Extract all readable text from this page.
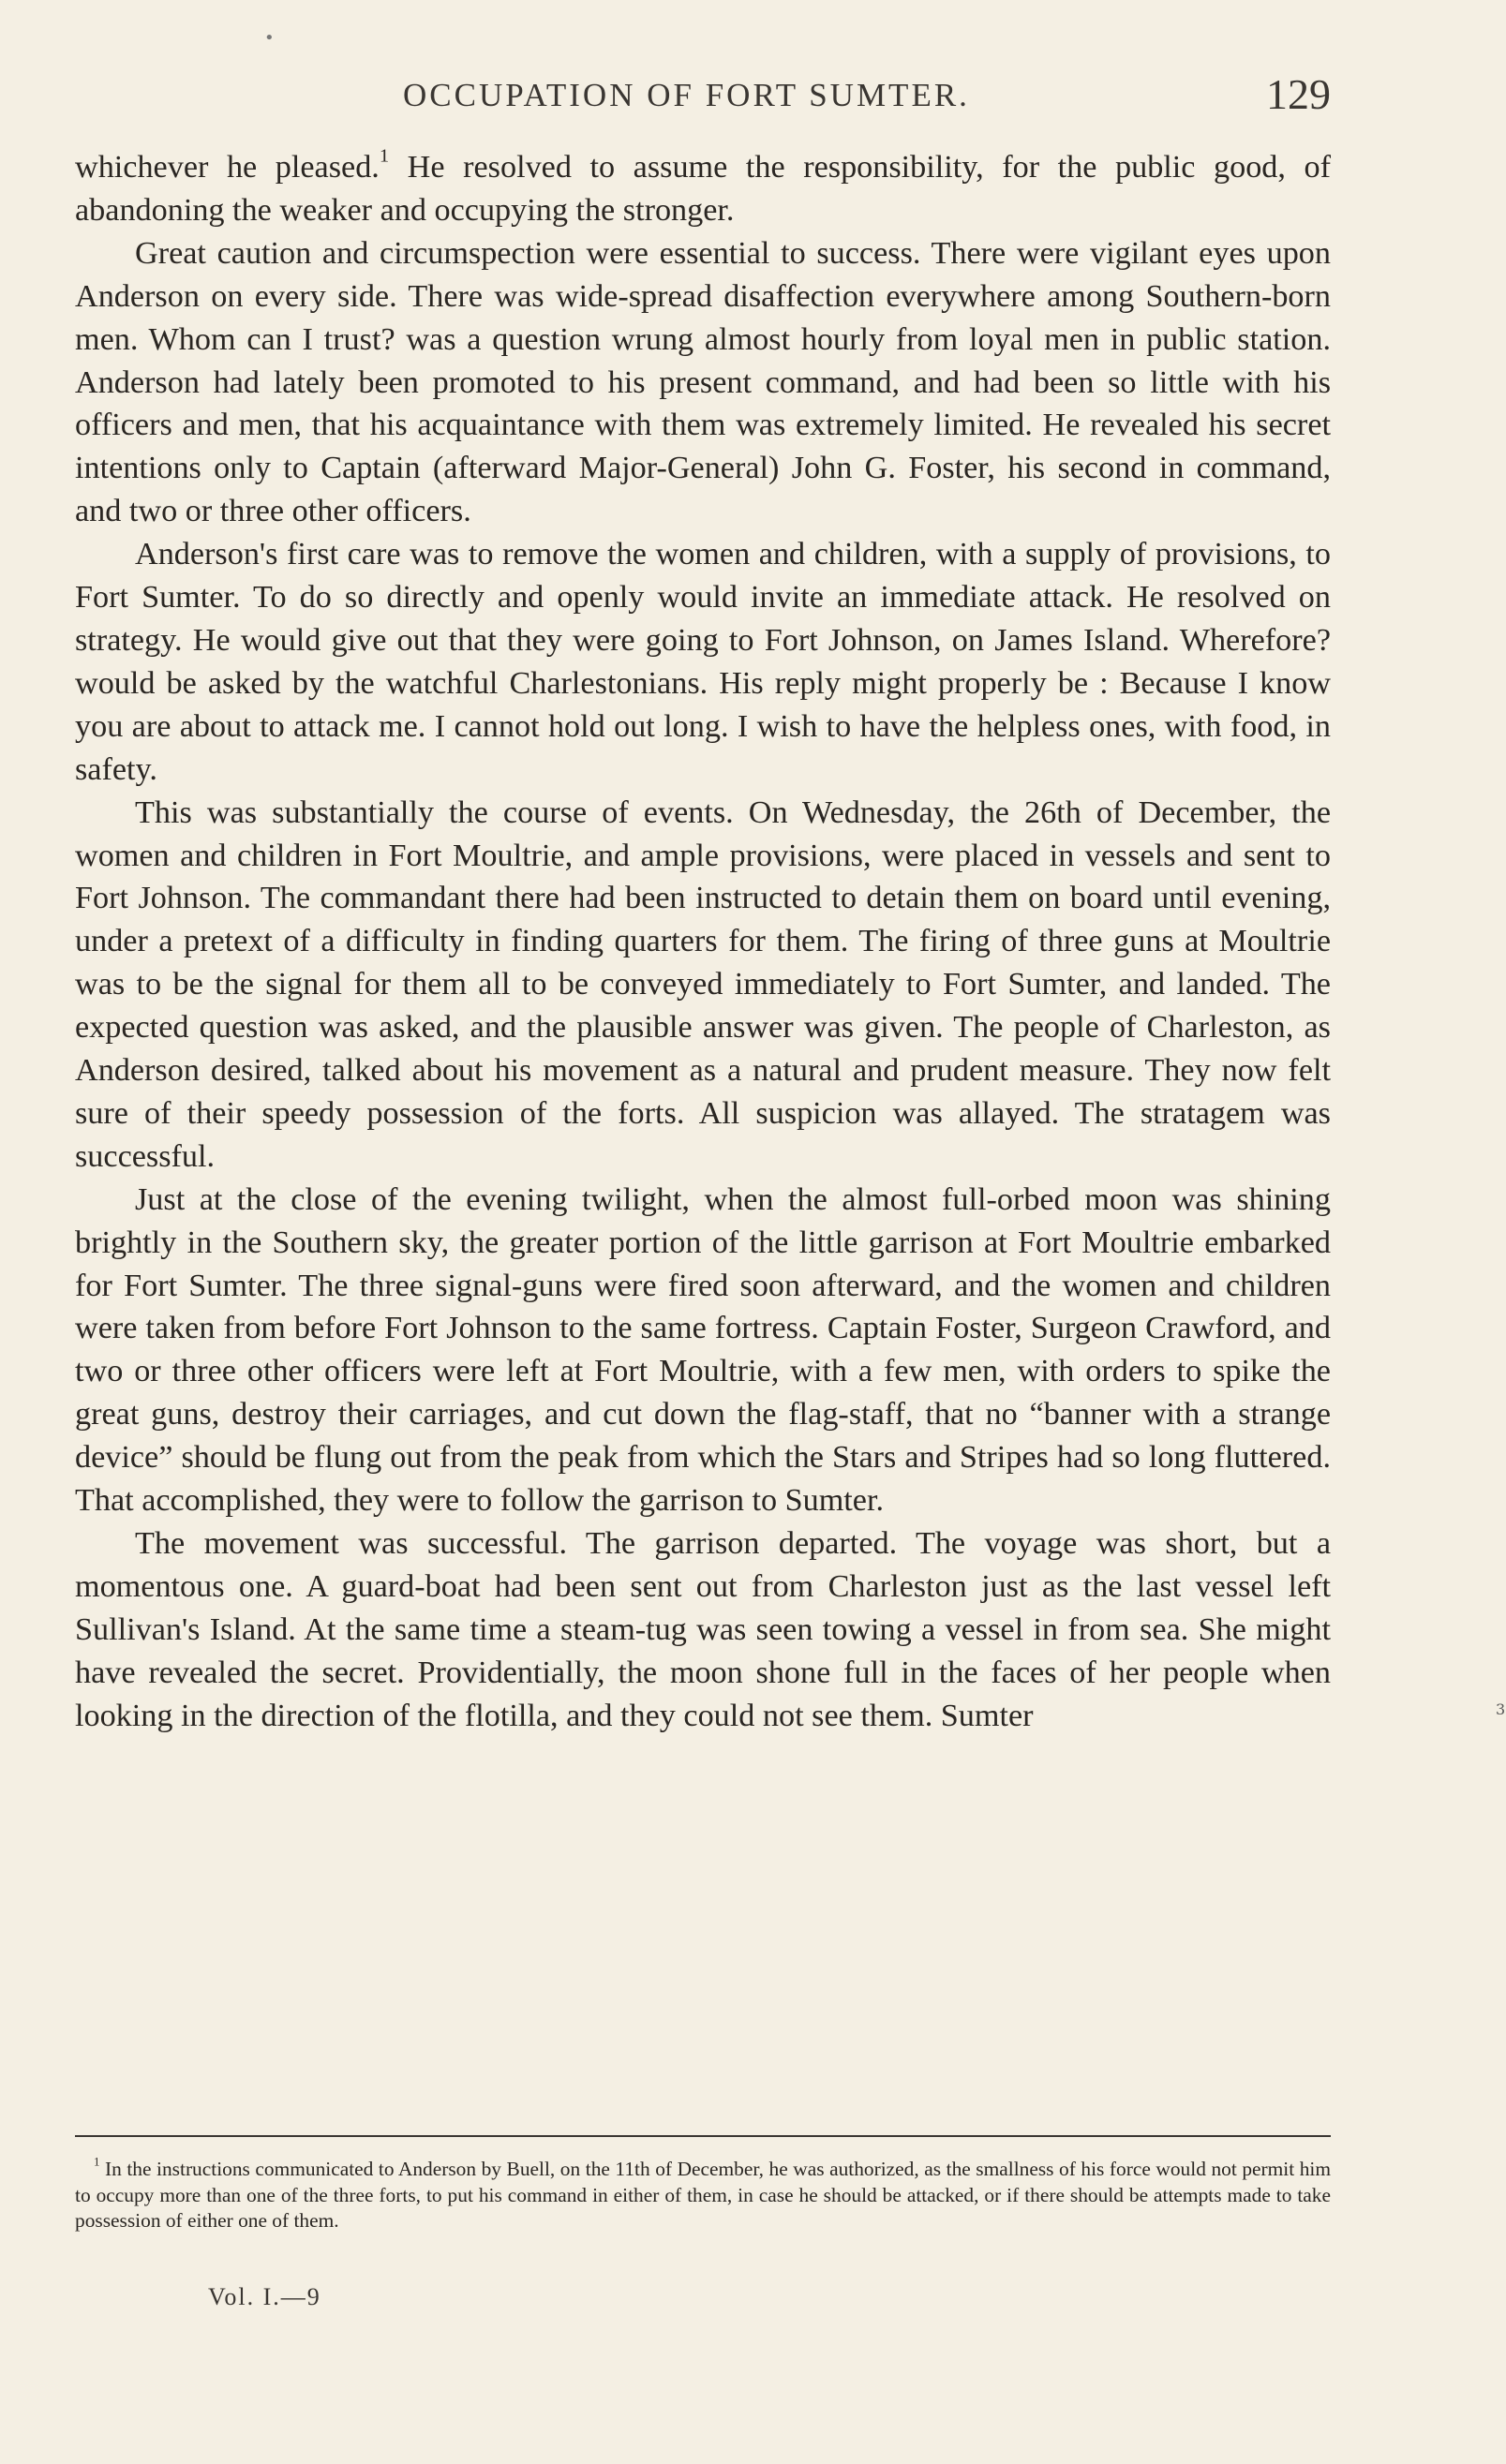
•
OCCUPATION OF FORT SUMTER.	129

whichever he pleased.$^1$ He resolved to assume the responsibility, for the public good, of abandoning the weaker and occupying the stronger.

Great caution and circumspection were essential to success. There were vigilant eyes upon Anderson on every side. There was wide-spread disaffection everywhere among Southern-born men. Whom can I trust? was a question wrung almost hourly from loyal men in public station. Anderson had lately been promoted to his present command, and had been so little with his officers and men, that his acquaintance with them was extremely limited. He revealed his secret intentions only to Captain (afterward Major-General) John G. Foster, his second in command, and two or three other officers.

Anderson's first care was to remove the women and children, with a supply of provisions, to Fort Sumter. To do so directly and openly would invite an immediate attack. He resolved on strategy. He would give out that they were going to Fort Johnson, on James Island. Wherefore? would be asked by the watchful Charlestonians. His reply might properly be : Because I know you are about to attack me. I cannot hold out long. I wish to have the helpless ones, with food, in safety.

This was substantially the course of events. On Wednesday, the 26th of December, the women and children in Fort Moultrie, and ample provisions, were placed in vessels and sent to Fort Johnson. The commandant there had been instructed to detain them on board until evening, under a pretext of a difficulty in finding quarters for them. The firing of three guns at Moultrie was to be the signal for them all to be conveyed immediately to Fort Sumter, and landed. The expected question was asked, and the plausible answer was given. The people of Charleston, as Anderson desired, talked about his movement as a natural and prudent measure. They now felt sure of their speedy possession of the forts. All suspicion was allayed. The stratagem was successful.

Just at the close of the evening twilight, when the almost full-orbed moon was shining brightly in the Southern sky, the greater portion of the little garrison at Fort Moultrie embarked for Fort Sumter. The three signal-guns were fired soon afterward, and the women and children were taken from before Fort Johnson to the same fortress. Captain Foster, Surgeon Crawford, and two or three other officers were left at Fort Moultrie, with a few men, with orders to spike the great guns, destroy their carriages, and cut down the flag-staff, that no “banner with a strange device” should be flung out from the peak from which the Stars and Stripes had so long fluttered. That accomplished, they were to follow the garrison to Sumter.

The movement was successful. The garrison departed. The voyage was short, but a momentous one. A guard-boat had been sent out from Charleston just as the last vessel left Sullivan's Island. At the same time a steam-tug was seen towing a vessel in from sea. She might have revealed the secret. Providentially, the moon shone full in the faces of her people when looking in the direction of the flotilla, and they could not see them. Sumter

$^1$ In the instructions communicated to Anderson by Buell, on the 11th of December, he was authorized, as the smallness of his force would not permit him to occupy more than one of the three forts, to put his command in either of them, in case he should be attacked, or if there should be attempts made to take possession of either one of them.

Vol. I.—9
3
